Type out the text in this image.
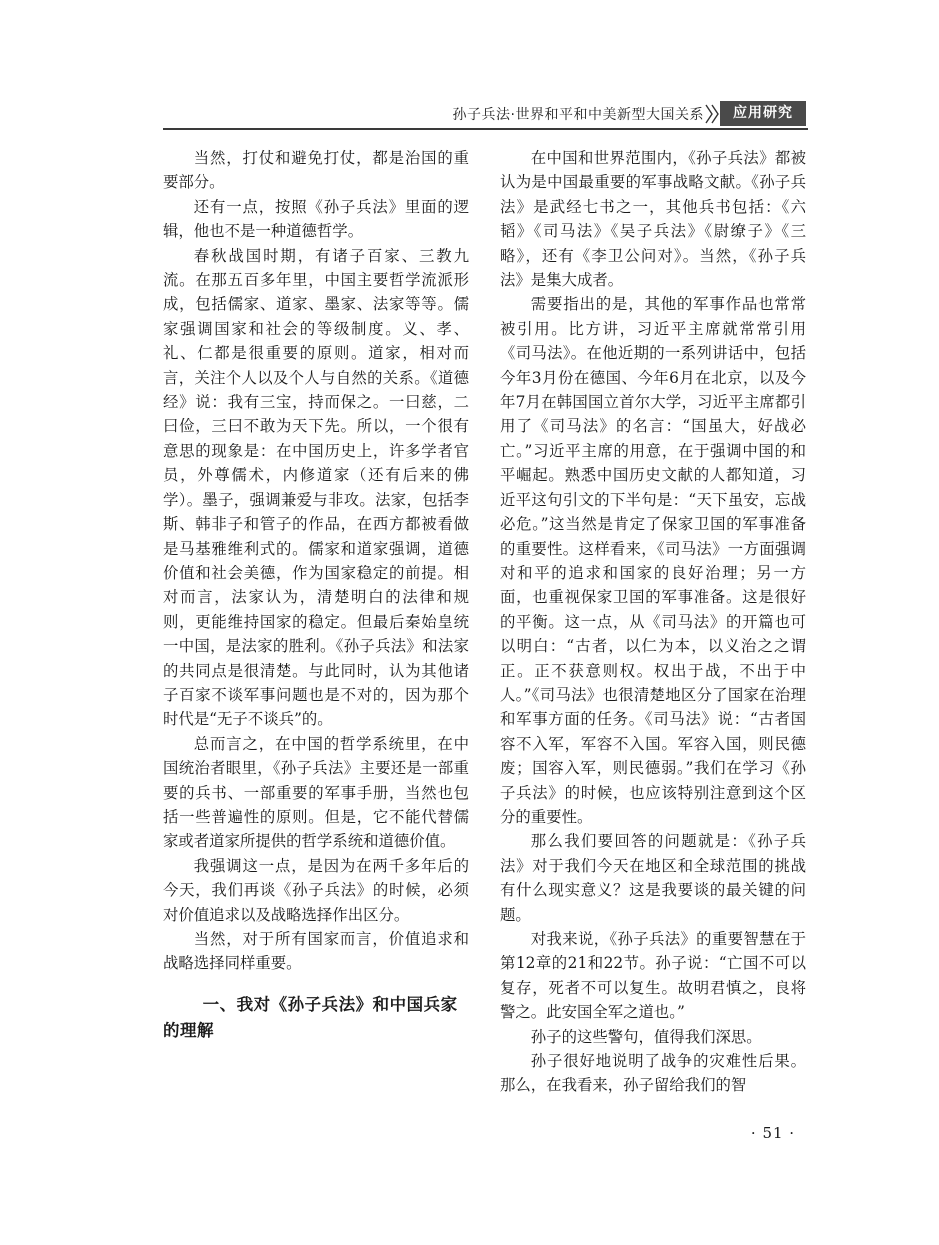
孙子兵法·世界和平和中美新型大国关系	应用研究

当然，打仗和避免打仗，都是治国的重要部分。

还有一点，按照《孙子兵法》里面的逻辑，他也不是一种道德哲学。

春秋战国时期，有诸子百家、三教九流。在那五百多年里，中国主要哲学流派形成，包括儒家、道家、墨家、法家等等。儒家强调国家和社会的等级制度。义、孝、礼、仁都是很重要的原则。道家，相对而言，关注个人以及个人与自然的关系。《道德经》说：我有三宝，持而保之。一曰慈，二曰俭，三曰不敢为天下先。所以，一个很有意思的现象是：在中国历史上，许多学者官员，外尊儒术，内修道家（还有后来的佛学）。墨子，强调兼爱与非攻。法家，包括李斯、韩非子和管子的作品，在西方都被看做是马基雅维利式的。儒家和道家强调，道德价值和社会美德，作为国家稳定的前提。相对而言，法家认为，清楚明白的法律和规则，更能维持国家的稳定。但最后秦始皇统一中国，是法家的胜利。《孙子兵法》和法家的共同点是很清楚。与此同时，认为其他诸子百家不谈军事问题也是不对的，因为那个时代是“无子不谈兵”的。

总而言之，在中国的哲学系统里，在中国统治者眼里，《孙子兵法》主要还是一部重要的兵书、一部重要的军事手册，当然也包括一些普遍性的原则。但是，它不能代替儒家或者道家所提供的哲学系统和道德价值。

我强调这一点，是因为在两千多年后的今天，我们再谈《孙子兵法》的时候，必须对价值追求以及战略选择作出区分。

当然，对于所有国家而言，价值追求和战略选择同样重要。

一、我对《孙子兵法》和中国兵家的理解

在中国和世界范围内，《孙子兵法》都被认为是中国最重要的军事战略文献。《孙子兵法》是武经七书之一，其他兵书包括：《六韬》《司马法》《吴子兵法》《尉缭子》《三略》，还有《李卫公问对》。当然，《孙子兵法》是集大成者。

需要指出的是，其他的军事作品也常常被引用。比方讲，习近平主席就常常引用《司马法》。在他近期的一系列讲话中，包括今年3月份在德国、今年6月在北京，以及今年7月在韩国国立首尔大学，习近平主席都引用了《司马法》的名言：“国虽大，好战必亡。”习近平主席的用意，在于强调中国的和平崛起。熟悉中国历史文献的人都知道，习近平这句引文的下半句是：“天下虽安，忘战必危。”这当然是肯定了保家卫国的军事准备的重要性。这样看来，《司马法》一方面强调对和平的追求和国家的良好治理；另一方面，也重视保家卫国的军事准备。这是很好的平衡。这一点，从《司马法》的开篇也可以明白：“古者，以仁为本，以义治之之谓正。正不获意则权。权出于战，不出于中人。”《司马法》也很清楚地区分了国家在治理和军事方面的任务。《司马法》说：“古者国容不入军，军容不入国。军容入国，则民德废；国容入军，则民德弱。”我们在学习《孙子兵法》的时候，也应该特别注意到这个区分的重要性。

那么我们要回答的问题就是：《孙子兵法》对于我们今天在地区和全球范围的挑战有什么现实意义？这是我要谈的最关键的问题。

对我来说，《孙子兵法》的重要智慧在于第12章的21和22节。孙子说：“亡国不可以复存，死者不可以复生。故明君慎之，良将警之。此安国全军之道也。”

孙子的这些警句，值得我们深思。

孙子很好地说明了战争的灾难性后果。那么，在我看来，孙子留给我们的智

· 51 ·
